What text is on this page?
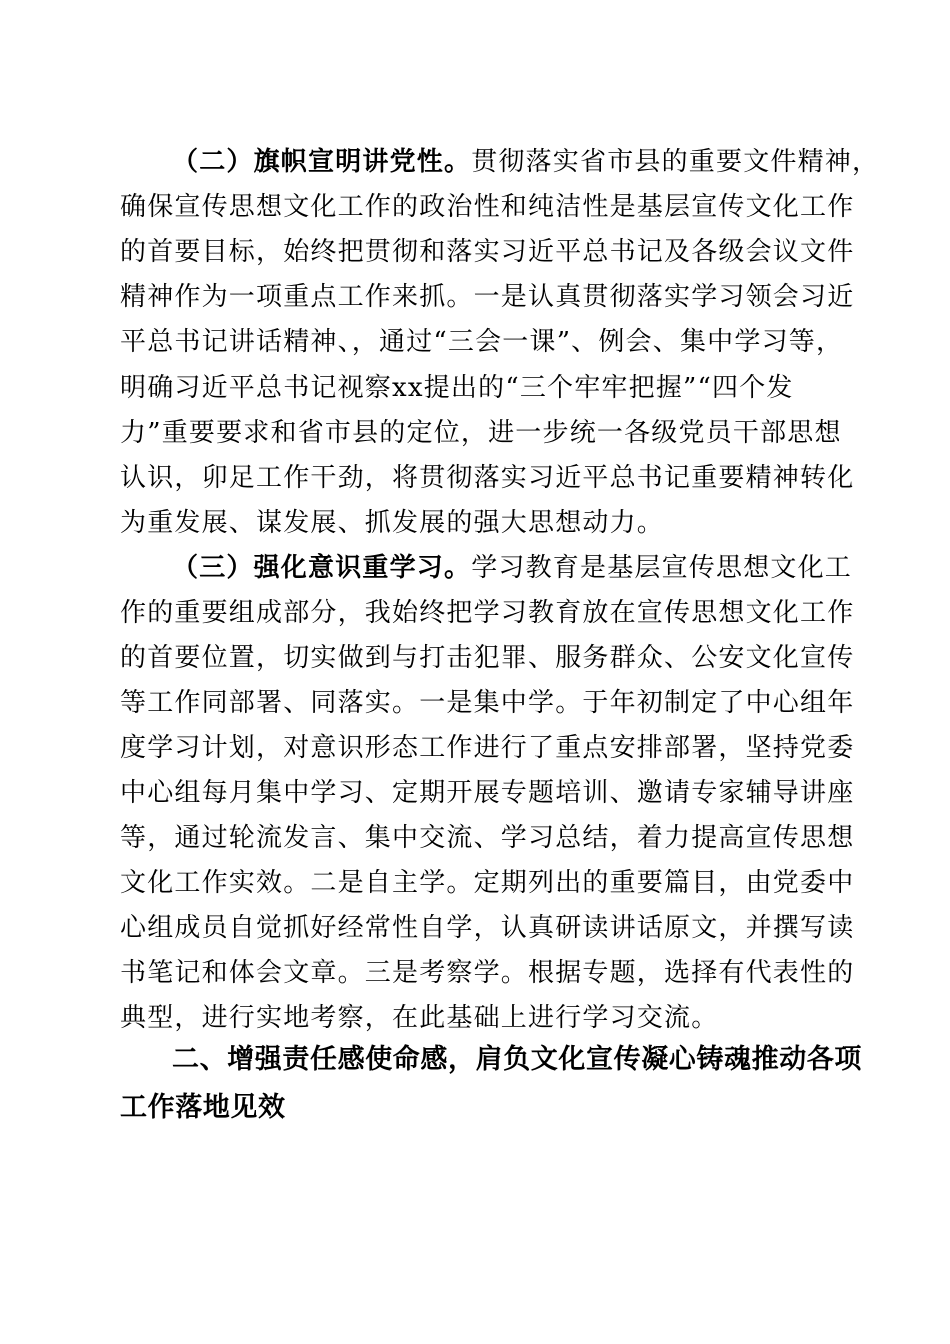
（二）旗帜宣明讲党性。贯彻落实省市县的重要文件精神，
确保宣传思想文化工作的政治性和纯洁性是基层宣传文化工作
的首要目标，始终把贯彻和落实习近平总书记及各级会议文件
精神作为一项重点工作来抓。一是认真贯彻落实学习领会习近
平总书记讲话精神、，通过“三会一课”、例会、集中学习等，
明确习近平总书记视察xx提出的“三个牢牢把握”“四个发
力”重要要求和省市县的定位，进一步统一各级党员干部思想
认识，卯足工作干劲，将贯彻落实习近平总书记重要精神转化
为重发展、谋发展、抓发展的强大思想动力。
（三）强化意识重学习。学习教育是基层宣传思想文化工
作的重要组成部分，我始终把学习教育放在宣传思想文化工作
的首要位置，切实做到与打击犯罪、服务群众、公安文化宣传
等工作同部署、同落实。一是集中学。于年初制定了中心组年
度学习计划，对意识形态工作进行了重点安排部署，坚持党委
中心组每月集中学习、定期开展专题培训、邀请专家辅导讲座
等，通过轮流发言、集中交流、学习总结，着力提高宣传思想
文化工作实效。二是自主学。定期列出的重要篇目，由党委中
心组成员自觉抓好经常性自学，认真研读讲话原文，并撰写读
书笔记和体会文章。三是考察学。根据专题，选择有代表性的
典型，进行实地考察，在此基础上进行学习交流。
二、增强责任感使命感，肩负文化宣传凝心铸魂推动各项
工作落地见效
